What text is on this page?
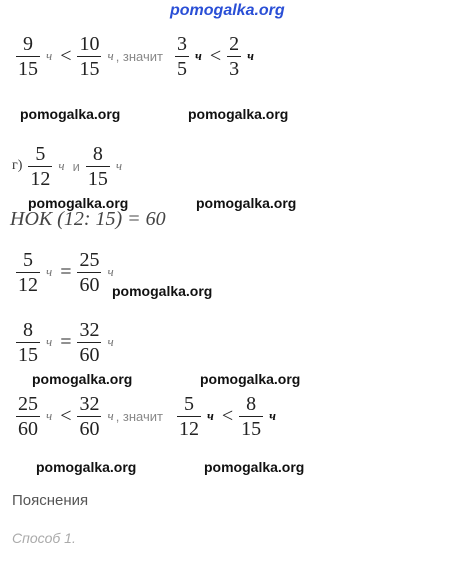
pomogalka.org
$\frac{9}{15}$ $ч < \frac{10}{15}$ ч , значит $\frac{3}{5}$ $ч < \frac{2}{3}$ ч
pomogalka.org	pomogalka.org
$г) \frac{5}{12}$ ч и $\frac{8}{15}$ ч
pomogalka.org	pomogalka.org
НОК (12: 15) = 60
$\frac{5}{12}$ $ч = \frac{25}{60}$ ч
pomogalka.org
$\frac{8}{15}$ $ч = \frac{32}{60}$ ч
pomogalka.org	pomogalka.org
$\frac{25}{60}$ $ч < \frac{32}{60}$ ч , значит $\frac{5}{12}$ $ч < \frac{8}{15}$ ч
pomogalka.org	pomogalka.org
Пояснения
Способ 1.
